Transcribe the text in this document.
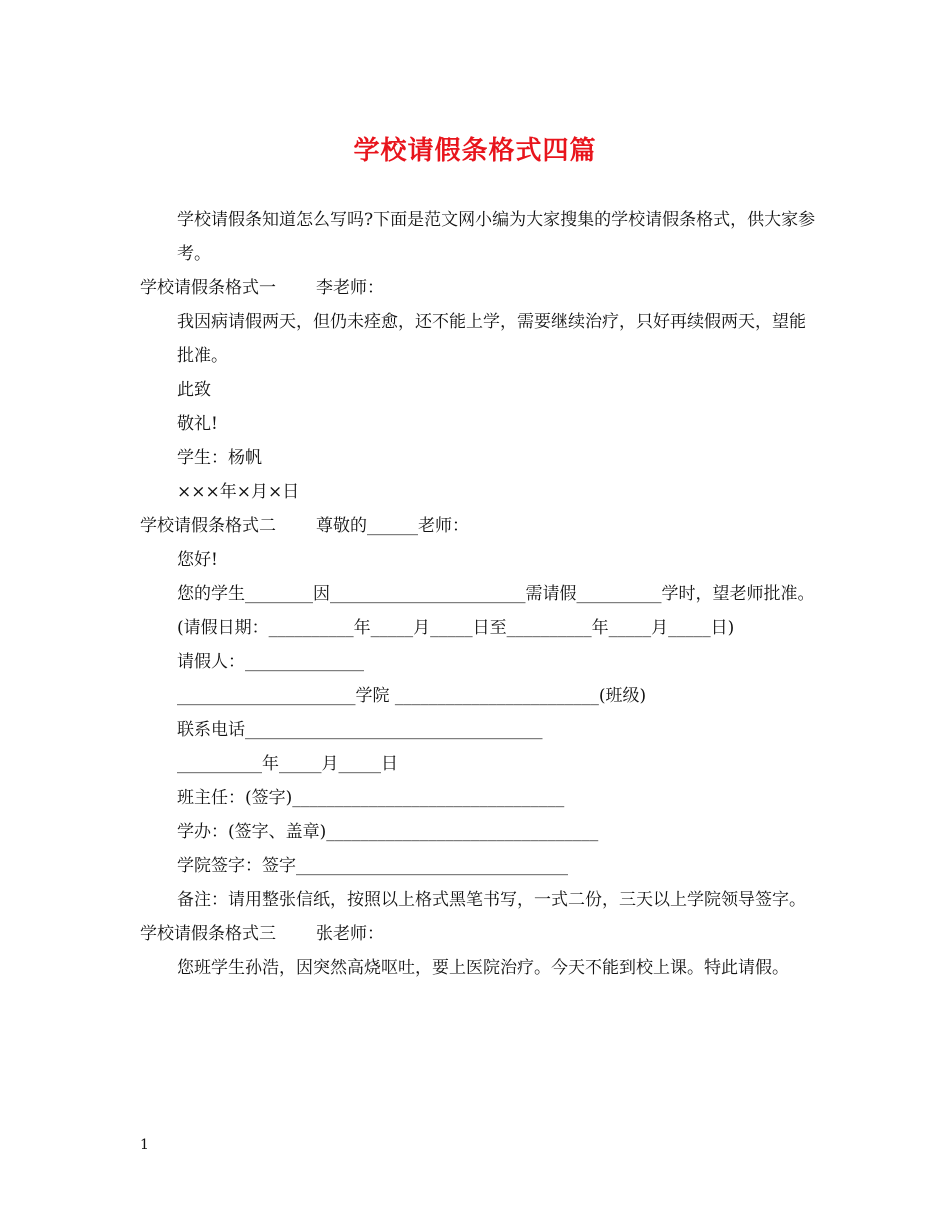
学校请假条格式四篇

学校请假条知道怎么写吗?下面是范文网小编为大家搜集的学校请假条格式，供大家参考。

学校请假条格式一 李老师：

我因病请假两天，但仍未痊愈，还不能上学，需要继续治疗，只好再续假两天，望能批准。

此致

敬礼!

学生：杨帆

×××年×月×日

学校请假条格式二 尊敬的______老师：

您好!

您的学生________因_______________________需请假__________学时，望老师批准。

(请假日期：__________年_____月_____日至__________年_____月_____日)

请假人：______________

_____________________学院 ________________________(班级)

联系电话___________________________________

__________年_____月_____日

班主任：(签字)________________________________

学办：(签字、盖章)________________________________

学院签字：签字________________________________

备注：请用整张信纸，按照以上格式黑笔书写，一式二份，三天以上学院领导签字。

学校请假条格式三 张老师：

您班学生孙浩，因突然高烧呕吐，要上医院治疗。今天不能到校上课。特此请假。

1
